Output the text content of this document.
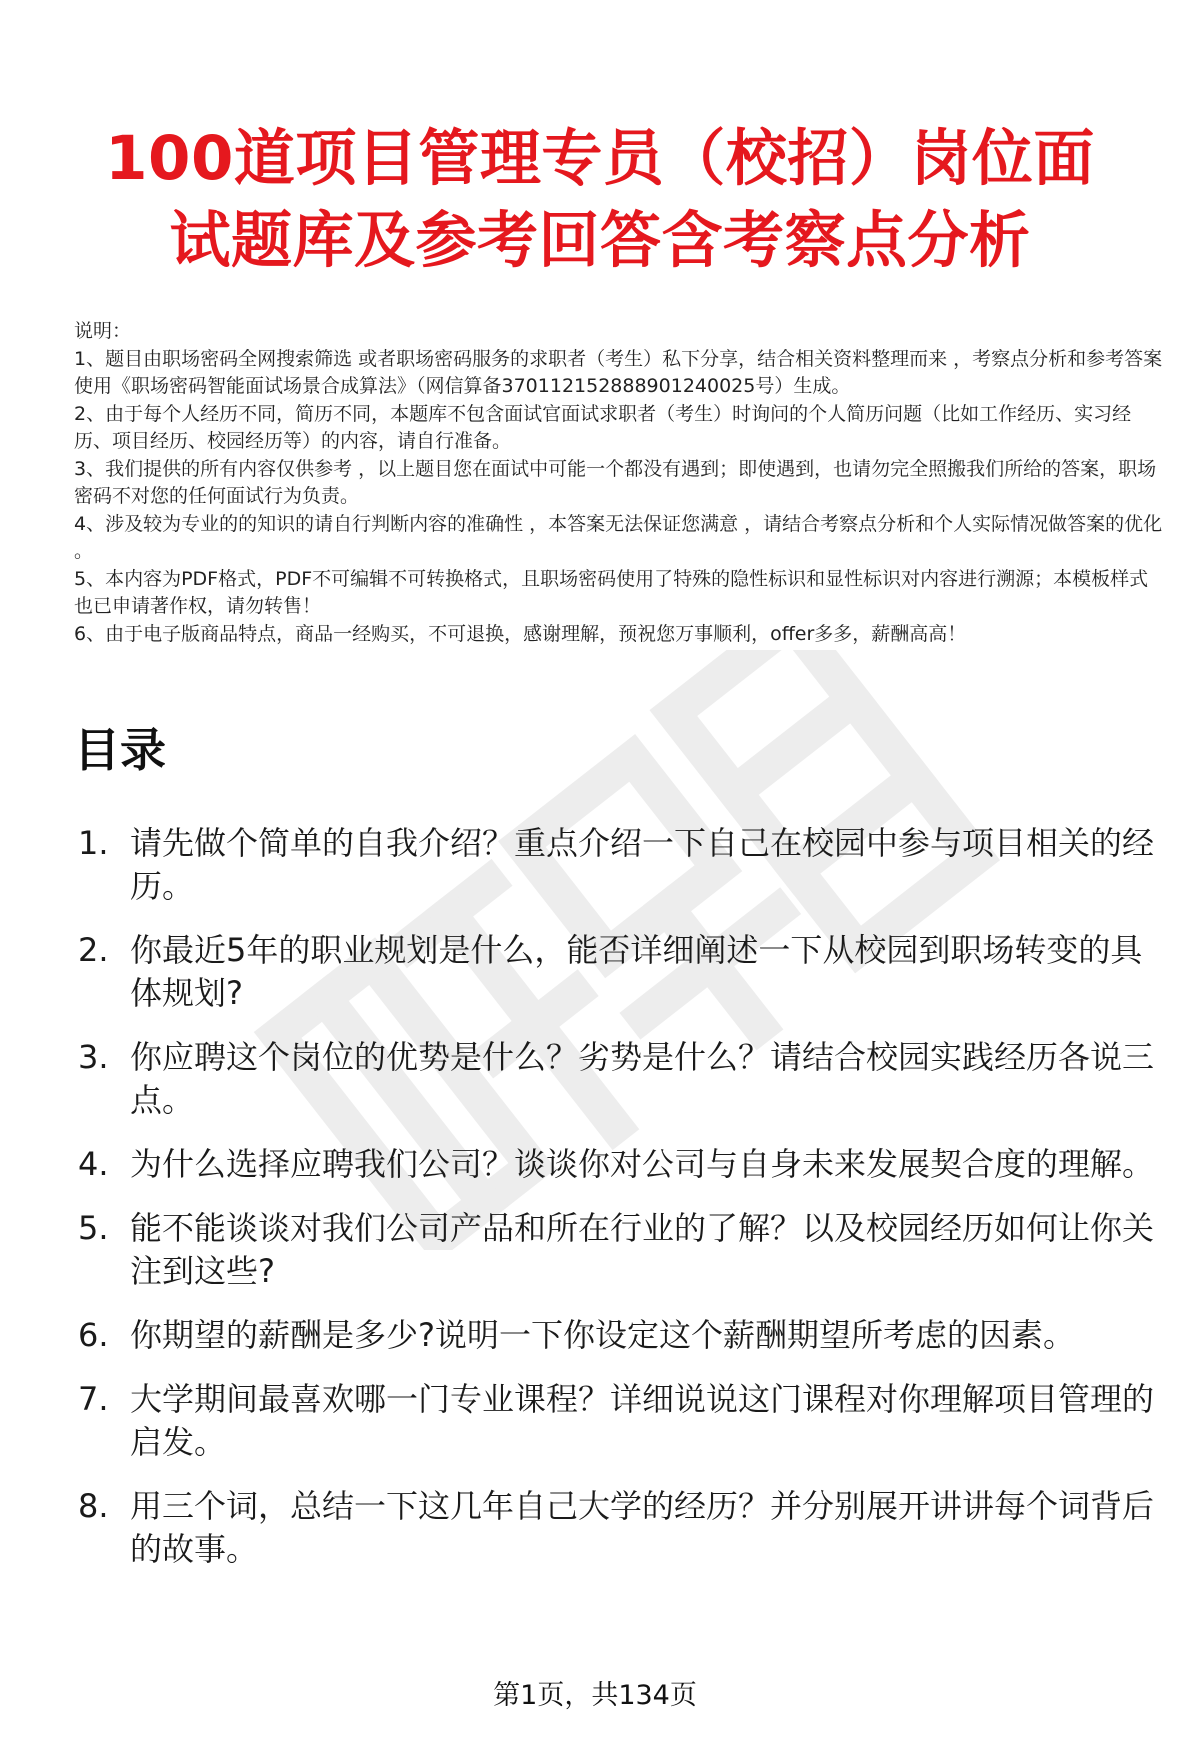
100道项目管理专员（校招）岗位面
试题库及参考回答含考察点分析

说明：

1、题目由职场密码全网搜索筛选 或者职场密码服务的求职者（考生）私下分享，结合相关资料整理而来 ，考察点分析和参考答案使用《职场密码智能面试场景合成算法》（网信算备370112152888901240025号）生成。

2、由于每个人经历不同，简历不同，本题库不包含面试官面试求职者（考生）时询问的个人简历问题（比如工作经历、实习经历、项目经历、校园经历等）的内容，请自行准备。

3、我们提供的所有内容仅供参考 ，以上题目您在面试中可能一个都没有遇到；即使遇到，也请勿完全照搬我们所给的答案，职场密码不对您的任何面试行为负责。

4、涉及较为专业的的知识的请自行判断内容的准确性 ，本答案无法保证您满意 ，请结合考察点分析和个人实际情况做答案的优化 。

5、本内容为PDF格式，PDF不可编辑不可转换格式，且职场密码使用了特殊的隐性标识和显性标识对内容进行溯源；本模板样式也已申请著作权，请勿转售！

6、由于电子版商品特点，商品一经购买，不可退换，感谢理解，预祝您万事顺利，offer多多，薪酬高高！

目录
1. 请先做个简单的自我介绍？重点介绍一下自己在校园中参与项目相关的经历。
2. 你最近5年的职业规划是什么，能否详细阐述一下从校园到职场转变的具体规划?
3. 你应聘这个岗位的优势是什么？劣势是什么？请结合校园实践经历各说三点。
4. 为什么选择应聘我们公司？谈谈你对公司与自身未来发展契合度的理解。
5. 能不能谈谈对我们公司产品和所在行业的了解？以及校园经历如何让你关注到这些?
6. 你期望的薪酬是多少?说明一下你设定这个薪酬期望所考虑的因素。
7. 大学期间最喜欢哪一门专业课程？详细说说这门课程对你理解项目管理的启发。
8. 用三个词，总结一下这几年自己大学的经历？并分别展开讲讲每个词背后的故事。
第1页，共134页
